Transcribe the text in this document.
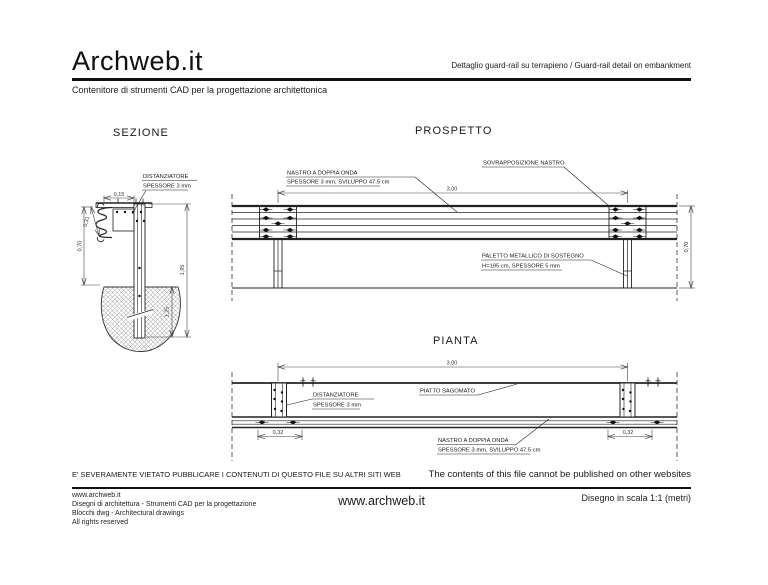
Archweb.it	Dettaglio guard-rail su terrapieno / Guard-rail detail on embankment
Contenitore di strumenti CAD per la progettazione architettonica
SEZIONE
0,15
0,31
0,70
1,95
1,25
DISTANZIATORE
SPESSORE 3 mm
PROSPETTO
3,00
0,70
NASTRO A DOPPIA ONDA
SPESSORE 3 mm, SVILUPPO 47.5 cm
SOVRAPPOSIZIONE NASTRO
PALETTO METALLICO DI SOSTEGNO
H=195 cm, SPESSORE 5 mm
PIANTA
3,00
0,32	0,32
DISTANZIATORE
SPESSORE 3 mm
PIATTO SAGOMATO
NASTRO A DOPPIA ONDA
SPESSORE 3 mm, SVILUPPO 47.5 cm
E' SEVERAMENTE VIETATO PUBBLICARE I CONTENUTI DI QUESTO FILE SU ALTRI SITI WEB	The contents of this file cannot be published on other websites
www.archweb.it
Disegni di architettura - Strumenti CAD per la progettazione
Blocchi dwg - Architectural drawings
All rights reserved
www.archweb.it	Disegno in scala 1:1 (metri)
